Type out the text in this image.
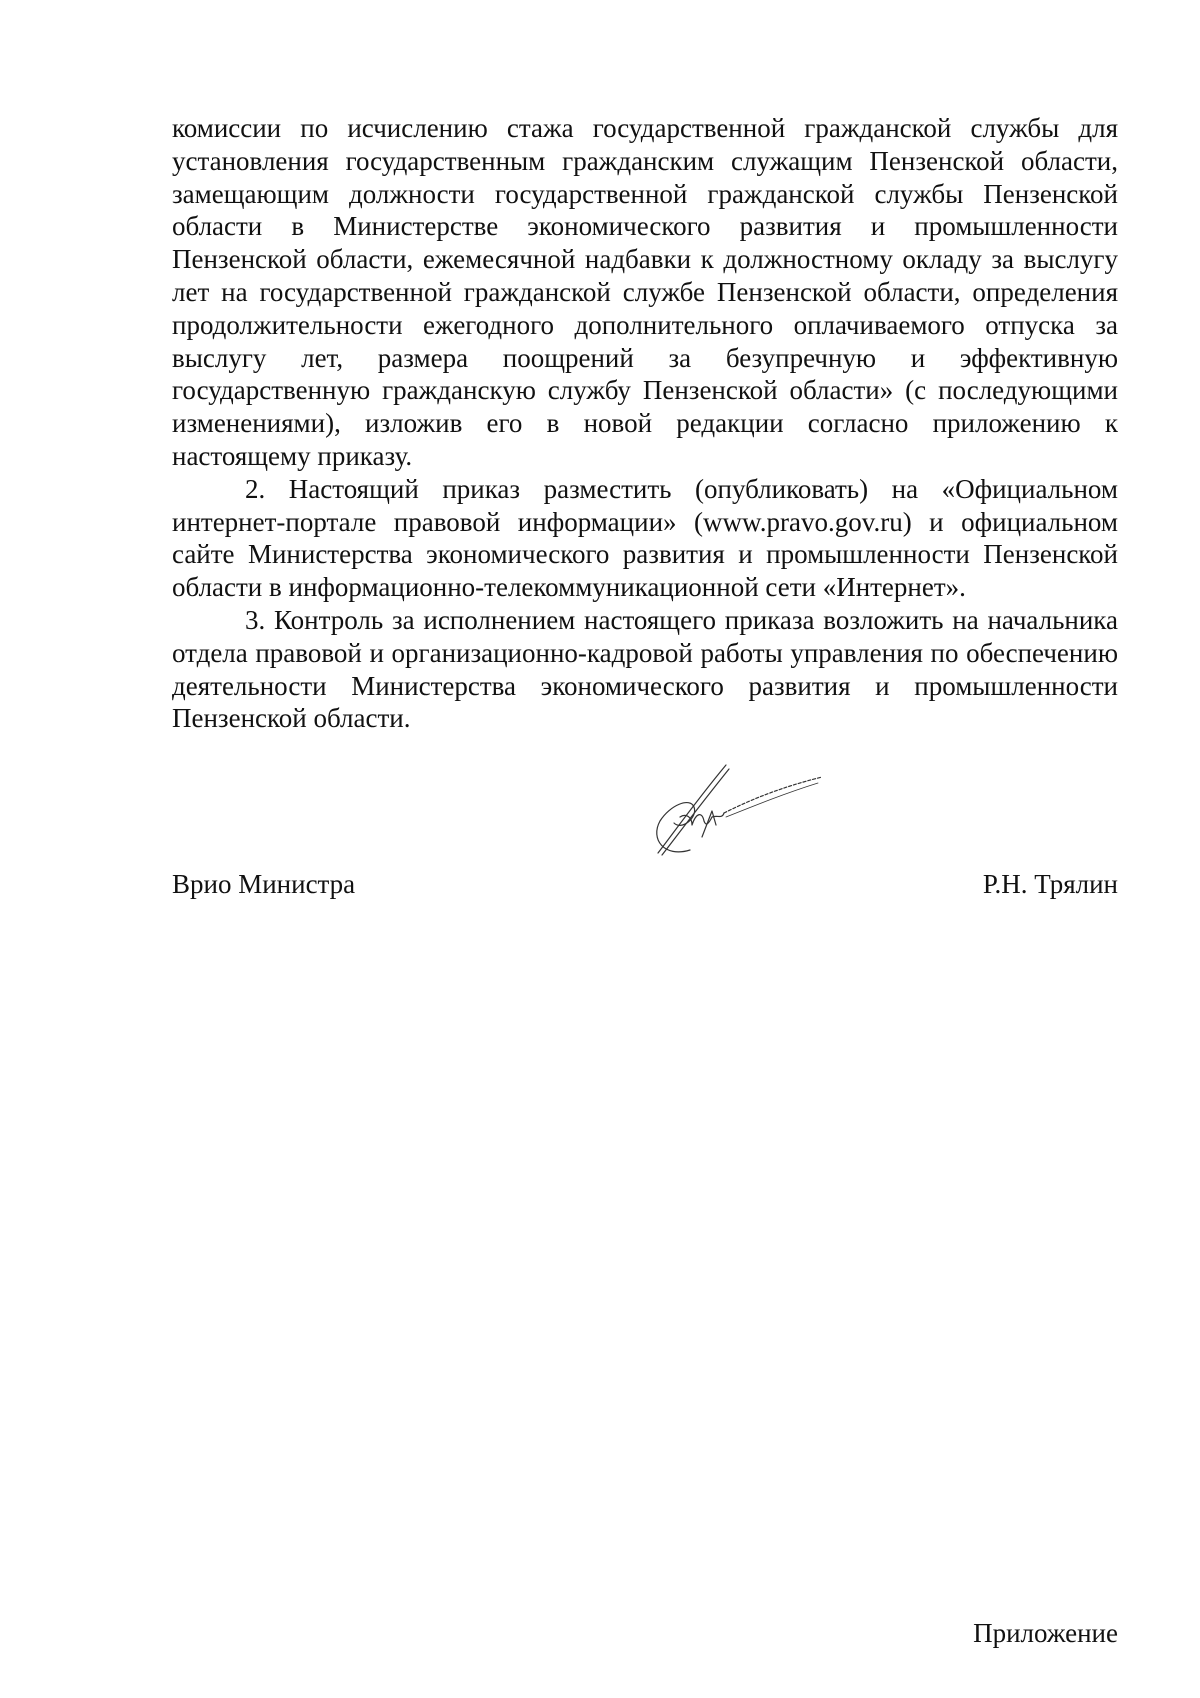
комиссии по исчислению стажа государственной гражданской службы для установления государственным гражданским служащим Пензенской области, замещающим должности государственной гражданской службы Пензенской области в Министерстве экономического развития и промышленности Пензенской области, ежемесячной надбавки к должностному окладу за выслугу лет на государственной гражданской службе Пензенской области, определения продолжительности ежегодного дополнительного оплачиваемого отпуска за выслугу лет, размера поощрений за безупречную и эффективную государственную гражданскую службу Пензенской области» (с последующими изменениями), изложив его в новой редакции согласно приложению к настоящему приказу.

2. Настоящий приказ разместить (опубликовать) на «Официальном интернет-портале правовой информации» (www.pravo.gov.ru) и официальном сайте Министерства экономического развития и промышленности Пензенской области в информационно-телекоммуникационной сети «Интернет».

3. Контроль за исполнением настоящего приказа возложить на начальника отдела правовой и организационно-кадровой работы управления по обеспечению деятельности Министерства экономического развития и промышленности Пензенской области.

Врио Министра	Р.Н. Трялин
Приложение
